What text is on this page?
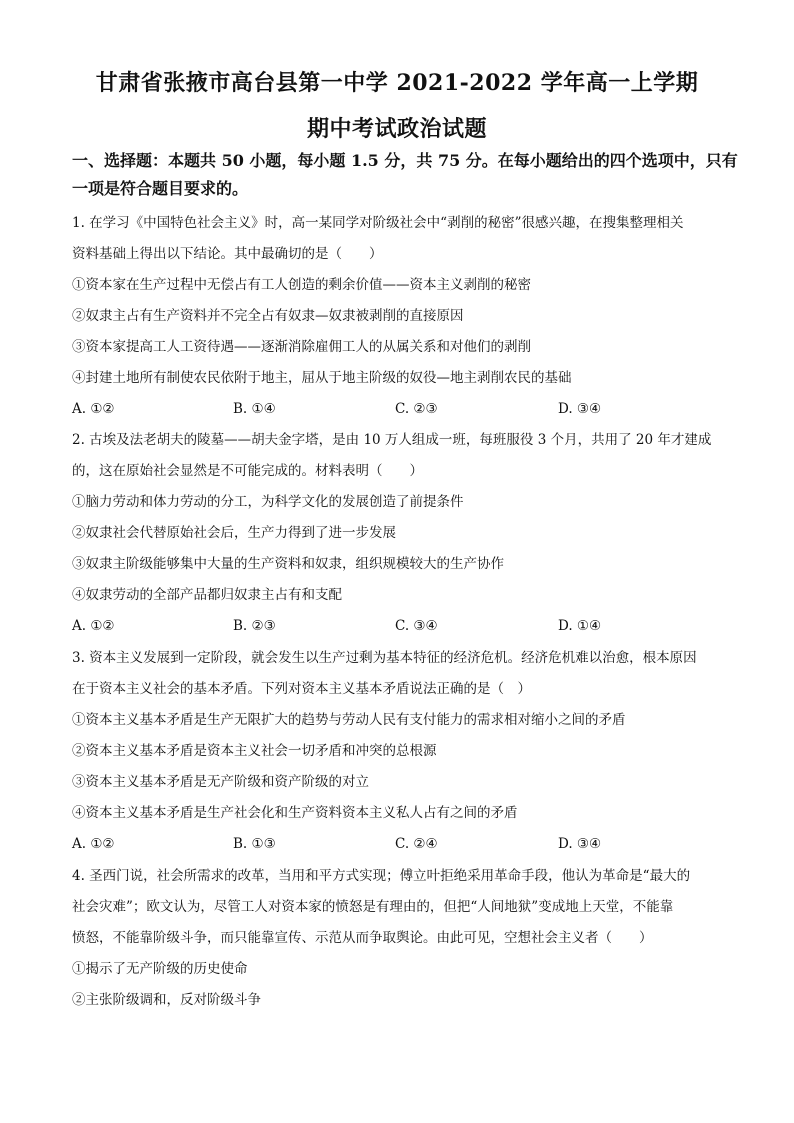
甘肃省张掖市高台县第一中学 2021-2022 学年高一上学期
期中考试政治试题
一、选择题：本题共 50 小题，每小题 1.5 分，共 75 分。在每小题给出的四个选项中，只有
一项是符合题目要求的。
1. 在学习《中国特色社会主义》时，高一某同学对阶级社会中“剥削的秘密”很感兴趣，在搜集整理相关
资料基础上得出以下结论。其中最确切的是（　　）
①资本家在生产过程中无偿占有工人创造的剩余价值——资本主义剥削的秘密
②奴隶主占有生产资料并不完全占有奴隶—奴隶被剥削的直接原因
③资本家提高工人工资待遇——逐渐消除雇佣工人的从属关系和对他们的剥削
④封建土地所有制使农民依附于地主，屈从于地主阶级的奴役—地主剥削农民的基础
A. ①②	B. ①④	C. ②③	D. ③④
2. 古埃及法老胡夫的陵墓——胡夫金字塔，是由 10 万人组成一班，每班服役 3 个月，共用了 20 年才建成
的，这在原始社会显然是不可能完成的。材料表明（　　）
①脑力劳动和体力劳动的分工，为科学文化的发展创造了前提条件
②奴隶社会代替原始社会后，生产力得到了进一步发展
③奴隶主阶级能够集中大量的生产资料和奴隶，组织规模较大的生产协作
④奴隶劳动的全部产品都归奴隶主占有和支配
A. ①②	B. ②③	C. ③④	D. ①④
3. 资本主义发展到一定阶段，就会发生以生产过剩为基本特征的经济危机。经济危机难以治愈，根本原因
在于资本主义社会的基本矛盾。下列对资本主义基本矛盾说法正确的是（　）
①资本主义基本矛盾是生产无限扩大的趋势与劳动人民有支付能力的需求相对缩小之间的矛盾
②资本主义基本矛盾是资本主义社会一切矛盾和冲突的总根源
③资本主义基本矛盾是无产阶级和资产阶级的对立
④资本主义基本矛盾是生产社会化和生产资料资本主义私人占有之间的矛盾
A. ①②	B. ①③	C. ②④	D. ③④
4. 圣西门说，社会所需求的改革，当用和平方式实现；傅立叶拒绝采用革命手段，他认为革命是“最大的
社会灾难”；欧文认为，尽管工人对资本家的愤怒是有理由的，但把“人间地狱”变成地上天堂，不能靠
愤怒，不能靠阶级斗争，而只能靠宣传、示范从而争取舆论。由此可见，空想社会主义者（　　）
①揭示了无产阶级的历史使命
②主张阶级调和，反对阶级斗争
